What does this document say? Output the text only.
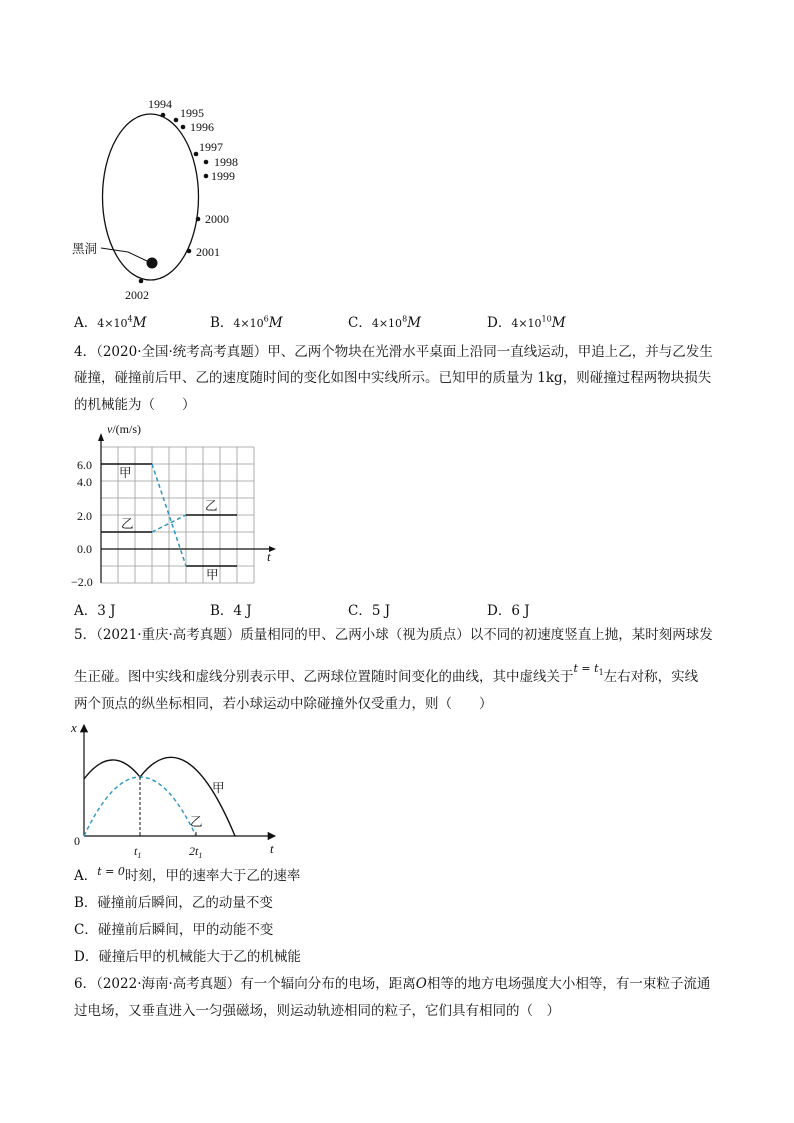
黑洞
1994
1995
1996
1997
1998
1999
2000
2001
2002
A．$4\times 10^4M$	B．$4\times 10^6M$	C．$4\times 10^8M$	D．$4\times 10^{10}M$
4．（2020·全国·统考高考真题）甲、乙两个物块在光滑水平桌面上沿同一直线运动，甲追上乙，并与乙发生
碰撞，碰撞前后甲、乙的速度随时间的变化如图中实线所示。已知甲的质量为 1kg，则碰撞过程两物块损失
的机械能为（　　）
6.0
4.0
2.0
0.0
−2.0
v/(m/s)
t
甲
乙
乙
甲
A．3 J	B．4 J	C．5 J	D．6 J
5．（2021·重庆·高考真题）质量相同的甲、乙两小球（视为质点）以不同的初速度竖直上抛，某时刻两球发
生正碰。图中实线和虚线分别表示甲、乙两球位置随时间变化的曲线，其中虚线关于$^{t = t_1}$左右对称，实线
两个顶点的纵坐标相同，若小球运动中除碰撞外仅受重力，则（　　）
x
t
0
$t_1$	$2t_1$
甲
乙
A．$^{t = 0}$时刻，甲的速率大于乙的速率
B．碰撞前后瞬间，乙的动量不变
C．碰撞前后瞬间，甲的动能不变
D．碰撞后甲的机械能大于乙的机械能
6．（2022·海南·高考真题）有一个辐向分布的电场，距离O相等的地方电场强度大小相等，有一束粒子流通
过电场，又垂直进入一匀强磁场，则运动轨迹相同的粒子，它们具有相同的（　）
